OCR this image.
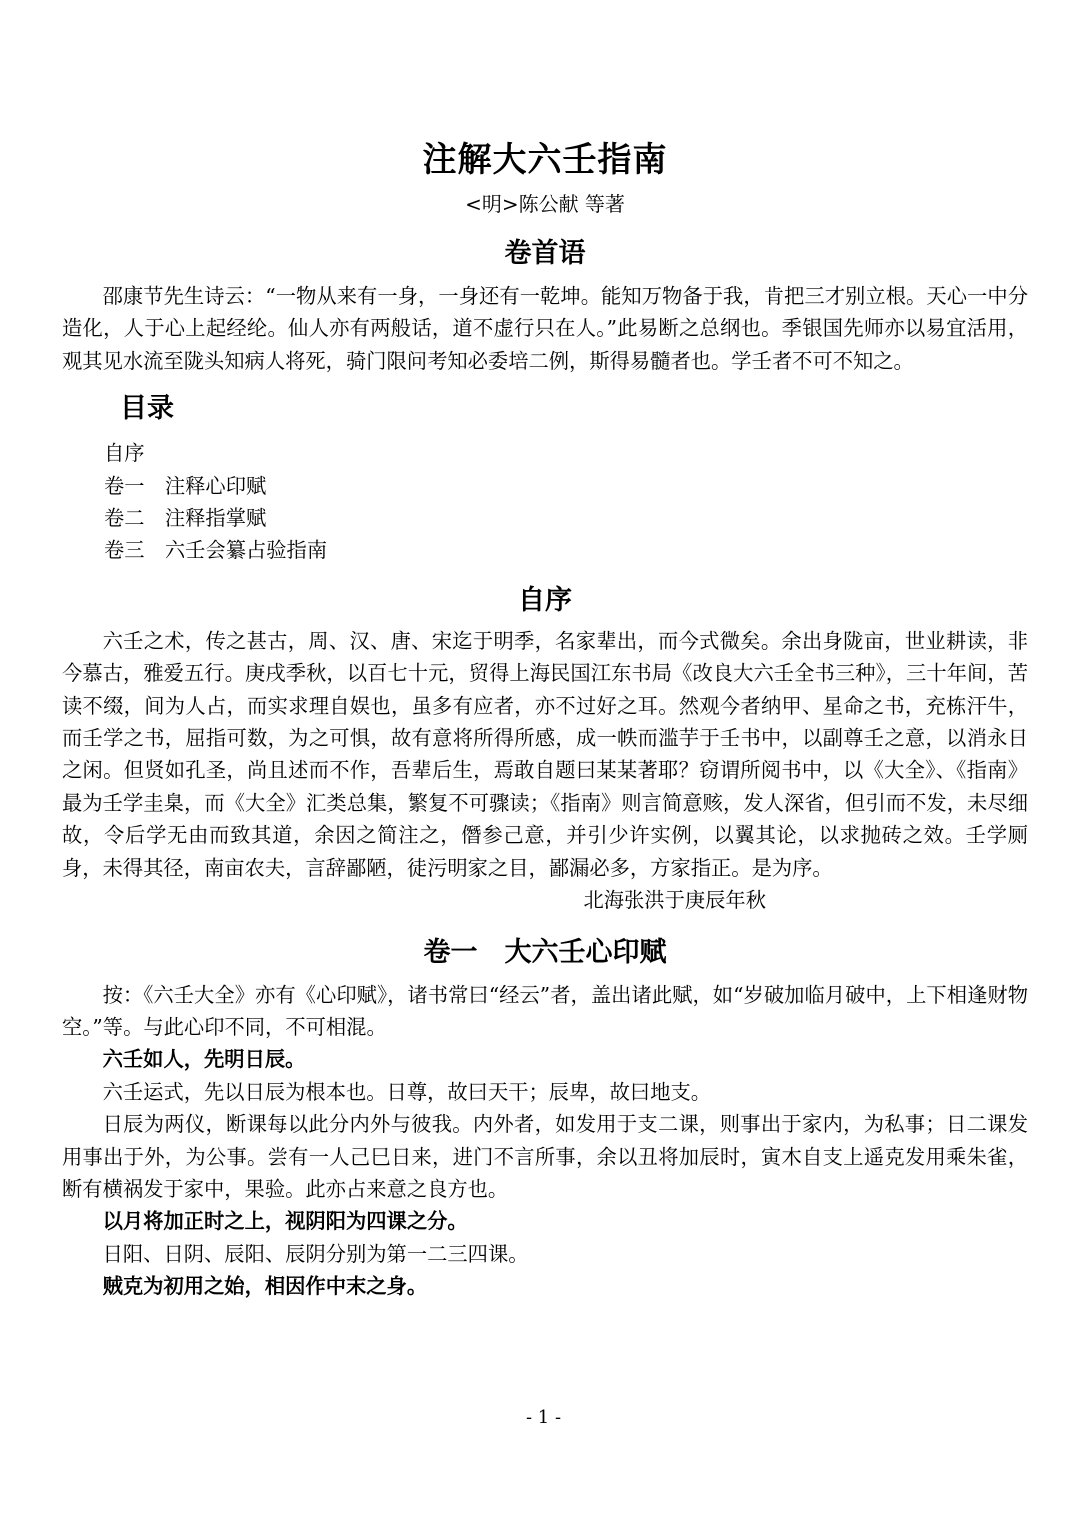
注解大六壬指南

<明>陈公献 等著

卷首语

邵康节先生诗云：“一物从来有一身，一身还有一乾坤。能知万物备于我，肯把三才别立根。天心一中分造化，人于心上起经纶。仙人亦有两般话，道不虚行只在人。”此易断之总纲也。季银国先师亦以易宜活用，观其见水流至陇头知病人将死，骑门限问考知必委培二例，斯得易髓者也。学壬者不可不知之。

目录

自序

卷一　注释心印赋

卷二　注释指掌赋

卷三　六壬会纂占验指南

自序

六壬之术，传之甚古，周、汉、唐、宋迄于明季，名家辈出，而今式微矣。余出身陇亩，世业耕读，非今慕古，雅爱五行。庚戌季秋，以百七十元，贸得上海民国江东书局《改良大六壬全书三种》，三十年间，苦读不缀，间为人占，而实求理自娱也，虽多有应者，亦不过好之耳。然观今者纳甲、星命之书，充栋汗牛，而壬学之书，屈指可数，为之可惧，故有意将所得所感，成一帙而滥芋于壬书中，以副尊壬之意，以消永日之闲。但贤如孔圣，尚且述而不作，吾辈后生，焉敢自题曰某某著耶？窃谓所阅书中，以《大全》、《指南》最为壬学圭臬，而《大全》汇类总集，繁复不可骤读；《指南》则言简意赅，发人深省，但引而不发，未尽细故，令后学无由而致其道，余因之简注之，僭参己意，并引少许实例，以翼其论，以求抛砖之效。壬学厕身，未得其径，南亩农夫，言辞鄙陋，徒污明家之目，鄙漏必多，方家指正。是为序。

北海张洪于庚辰年秋

卷一　大六壬心印赋

按：《六壬大全》亦有《心印赋》，诸书常曰“经云”者，盖出诸此赋，如“岁破加临月破中，上下相逢财物空。”等。与此心印不同，不可相混。

六壬如人，先明日辰。

六壬运式，先以日辰为根本也。日尊，故曰天干；辰卑，故曰地支。

日辰为两仪，断课每以此分内外与彼我。内外者，如发用于支二课，则事出于家内，为私事；日二课发用事出于外，为公事。尝有一人己巳日来，进门不言所事，余以丑将加辰时，寅木自支上遥克发用乘朱雀，断有横祸发于家中，果验。此亦占来意之良方也。

以月将加正时之上，视阴阳为四课之分。

日阳、日阴、辰阳、辰阴分别为第一二三四课。

贼克为初用之始，相因作中末之身。

- 1 -
